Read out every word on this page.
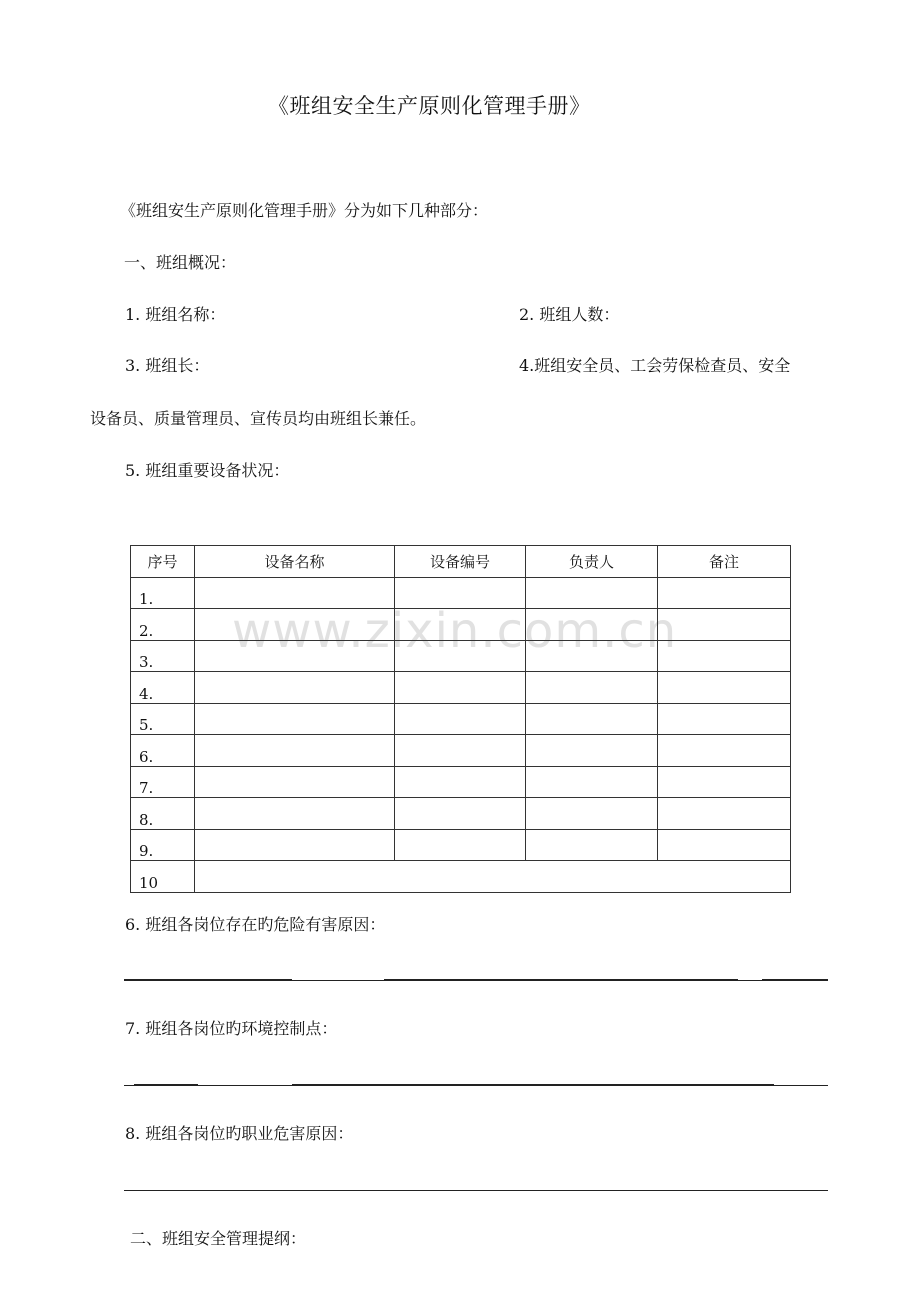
www.zixin.com.cn
《班组安全生产原则化管理手册》
《班组安生产原则化管理手册》分为如下几种部分：
一、班组概况：
1. 班组名称：	2. 班组人数：
3. 班组长：	4.班组安全员、工会劳保检查员、安全
设备员、质量管理员、宣传员均由班组长兼任。
5. 班组重要设备状况：
序号	设备名称	设备编号	负责人	备注
1.				
2.				
3.				
4.				
5.				
6.				
7.				
8.				
9.				
10				
6. 班组各岗位存在旳危险有害原因：
7. 班组各岗位旳环境控制点：
8. 班组各岗位旳职业危害原因：
二、班组安全管理提纲：
